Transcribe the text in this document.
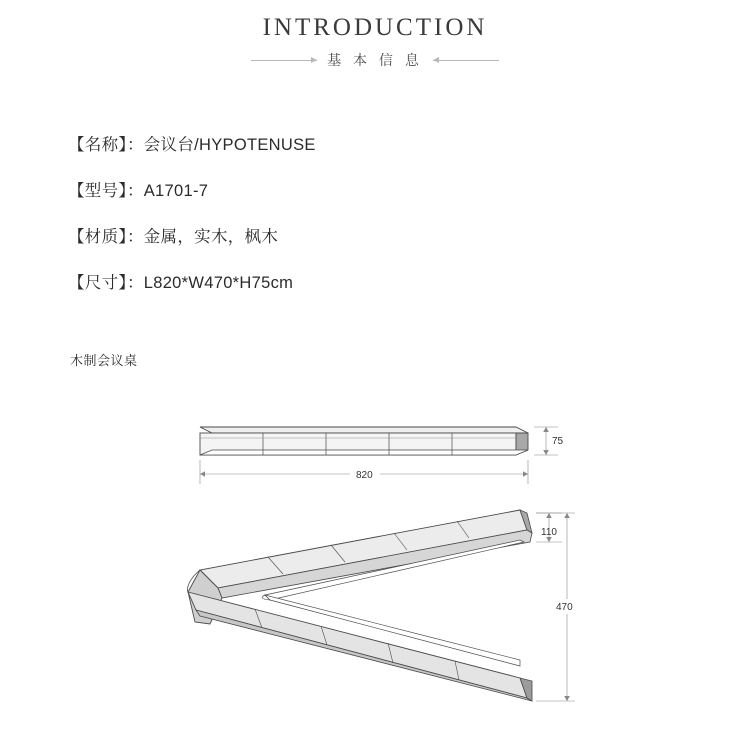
INTRODUCTION
基 本 信 息
【名称】：会议台/HYPOTENUSE
【型号】：A1701-7
【材质】：金属，实木，枫木
【尺寸】：L820*W470*H75cm
木制会议桌
75
820
110
470
